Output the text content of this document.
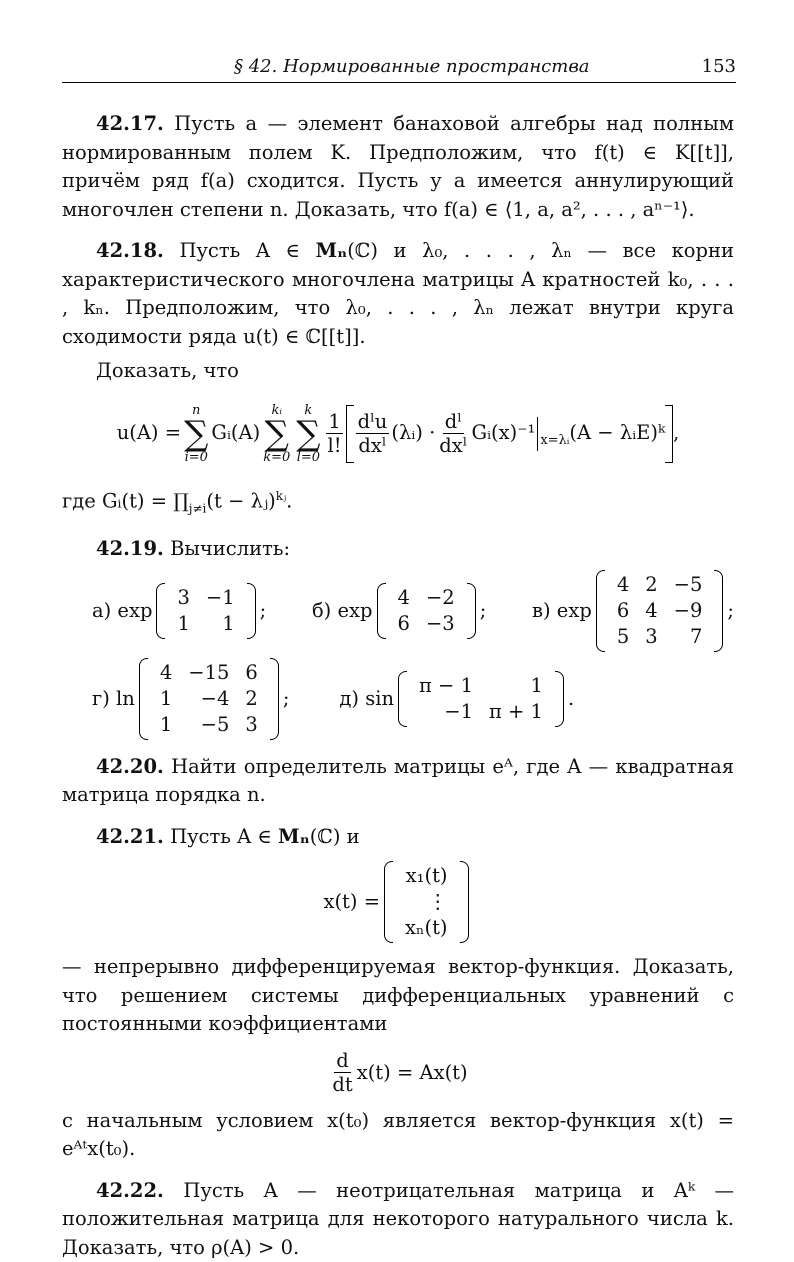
§ 42. Нормированные пространства	153

42.17. Пусть a — элемент банаховой алгебры над полным нормированным полем K. Предположим, что f(t) ∈ K[[t]], причём ряд f(a) сходится. Пусть у a имеется аннулирующий многочлен степени n. Доказать, что f(a) ∈ ⟨1, a, a², . . . , aⁿ⁻¹⟩.

42.18. Пусть A ∈ Mₙ(ℂ) и λ₀, . . . , λₙ — все корни характеристического многочлена матрицы A кратностей k₀, . . . , kₙ. Предположим, что λ₀, . . . , λₙ лежат внутри круга сходимости ряда u(t) ∈ ℂ[[t]].

Доказать, что

u(A) =
n
∑
i=0
Gᵢ(A)
kᵢ
∑
k=0
k
∑
$l=0 \frac{1}{l!} \frac{\text{dˡu}}{\text{dxˡ}}$ (λᵢ) · $\frac{\text{dˡ}}{\text{dxˡ}}$ Gᵢ(x)⁻¹ x=λᵢ (A − λᵢE)ᵏ ,

где Gᵢ(t) = $\prod_{j\ne i}(t$ − λⱼ)$^{kⱼ}$.

42.19. Вычислить:

а) exp
3	−1
1	1
; б) exp
4	−2
6	−3
; в) exp
4	2	−5
6	4	−9
5	3	7
;
г) ln
4	−15	6
1	−4	2
1	−5	3
;	д) sin
π − 1	1
−1	π + 1
.

42.20. Найти определитель матрицы eᴬ, где A — квадратная матрица порядка n.

42.21. Пусть A ∈ Mₙ(ℂ) и

x(t) =
x₁(t)
⋮
xₙ(t)

— непрерывно дифференцируемая вектор-функция. Доказать, что решением системы дифференциальных уравнений с постоянными коэффициентами

$\frac{d}{dt} x(t) = Ax(t)$

с начальным условием x(t₀) является вектор-функция x(t) = eᴬᵗx(t₀).

42.22. Пусть A — неотрицательная матрица и Aᵏ — положительная матрица для некоторого натурального числа k. Доказать, что ρ(A) > 0.
